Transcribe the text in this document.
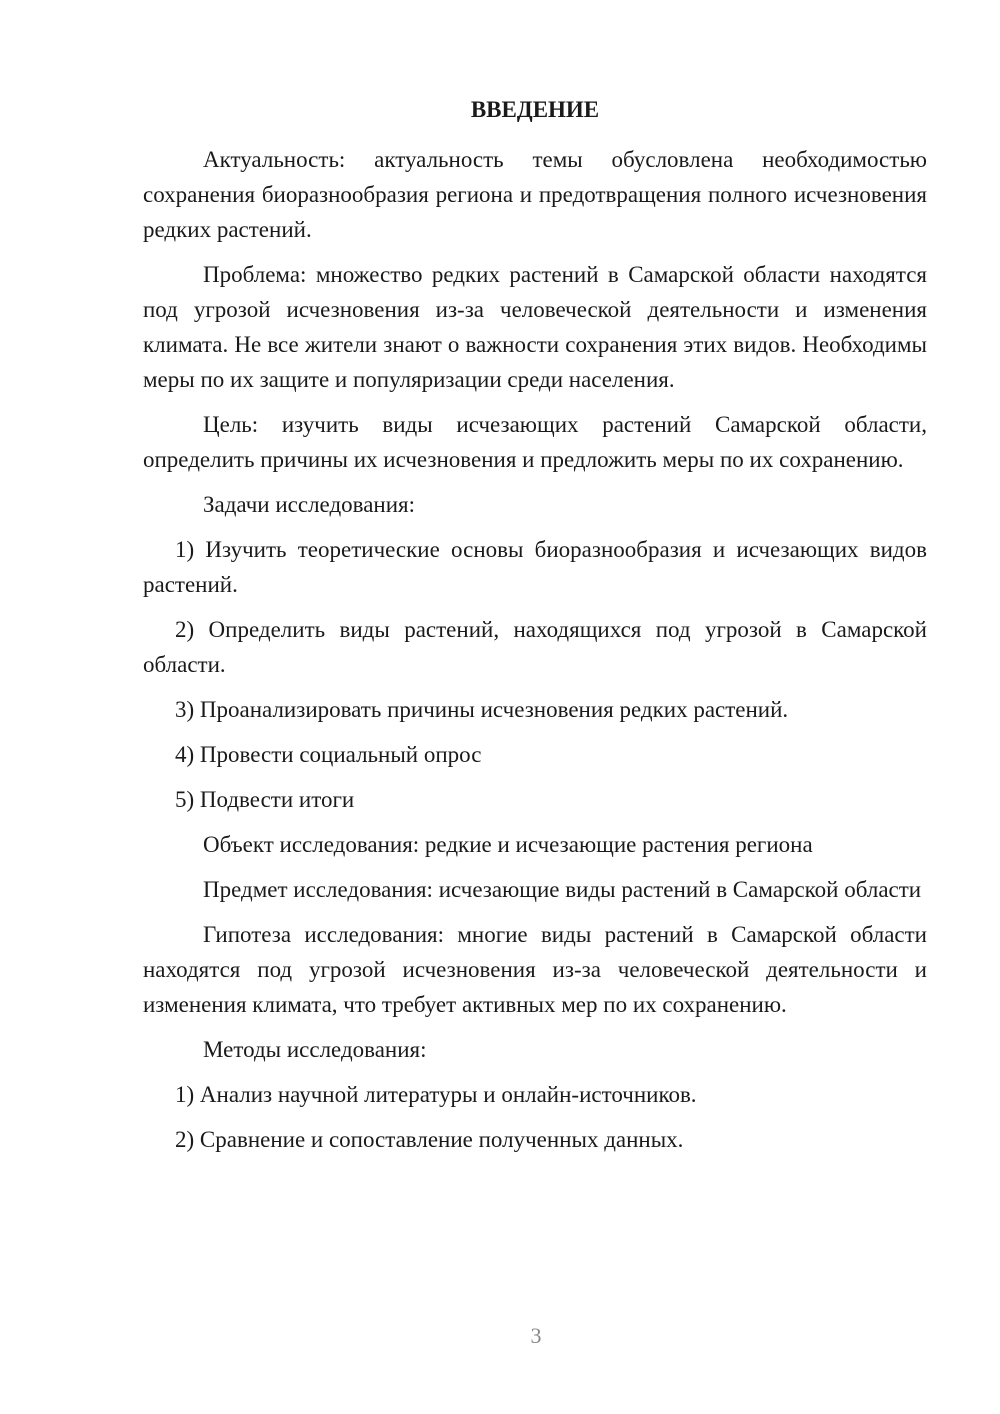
ВВЕДЕНИЕ

Актуальность: актуальность темы обусловлена необходимостью сохранения биоразнообразия региона и предотвращения полного исчезновения редких растений.

Проблема: множество редких растений в Самарской области находятся под угрозой исчезновения из-за человеческой деятельности и изменения климата. Не все жители знают о важности сохранения этих видов. Необходимы меры по их защите и популяризации среди населения.

Цель: изучить виды исчезающих растений Самарской области, определить причины их исчезновения и предложить меры по их сохранению.

Задачи исследования:

1) Изучить теоретические основы биоразнообразия и исчезающих видов растений.

2) Определить виды растений, находящихся под угрозой в Самарской области.

3) Проанализировать причины исчезновения редких растений.

4) Провести социальный опрос

5) Подвести итоги

Объект исследования: редкие и исчезающие растения региона

Предмет исследования: исчезающие виды растений в Самарской области

Гипотеза исследования: многие виды растений в Самарской области находятся под угрозой исчезновения из-за человеческой деятельности и изменения климата, что требует активных мер по их сохранению.

Методы исследования:

1) Анализ научной литературы и онлайн-источников.

2) Сравнение и сопоставление полученных данных.

3
